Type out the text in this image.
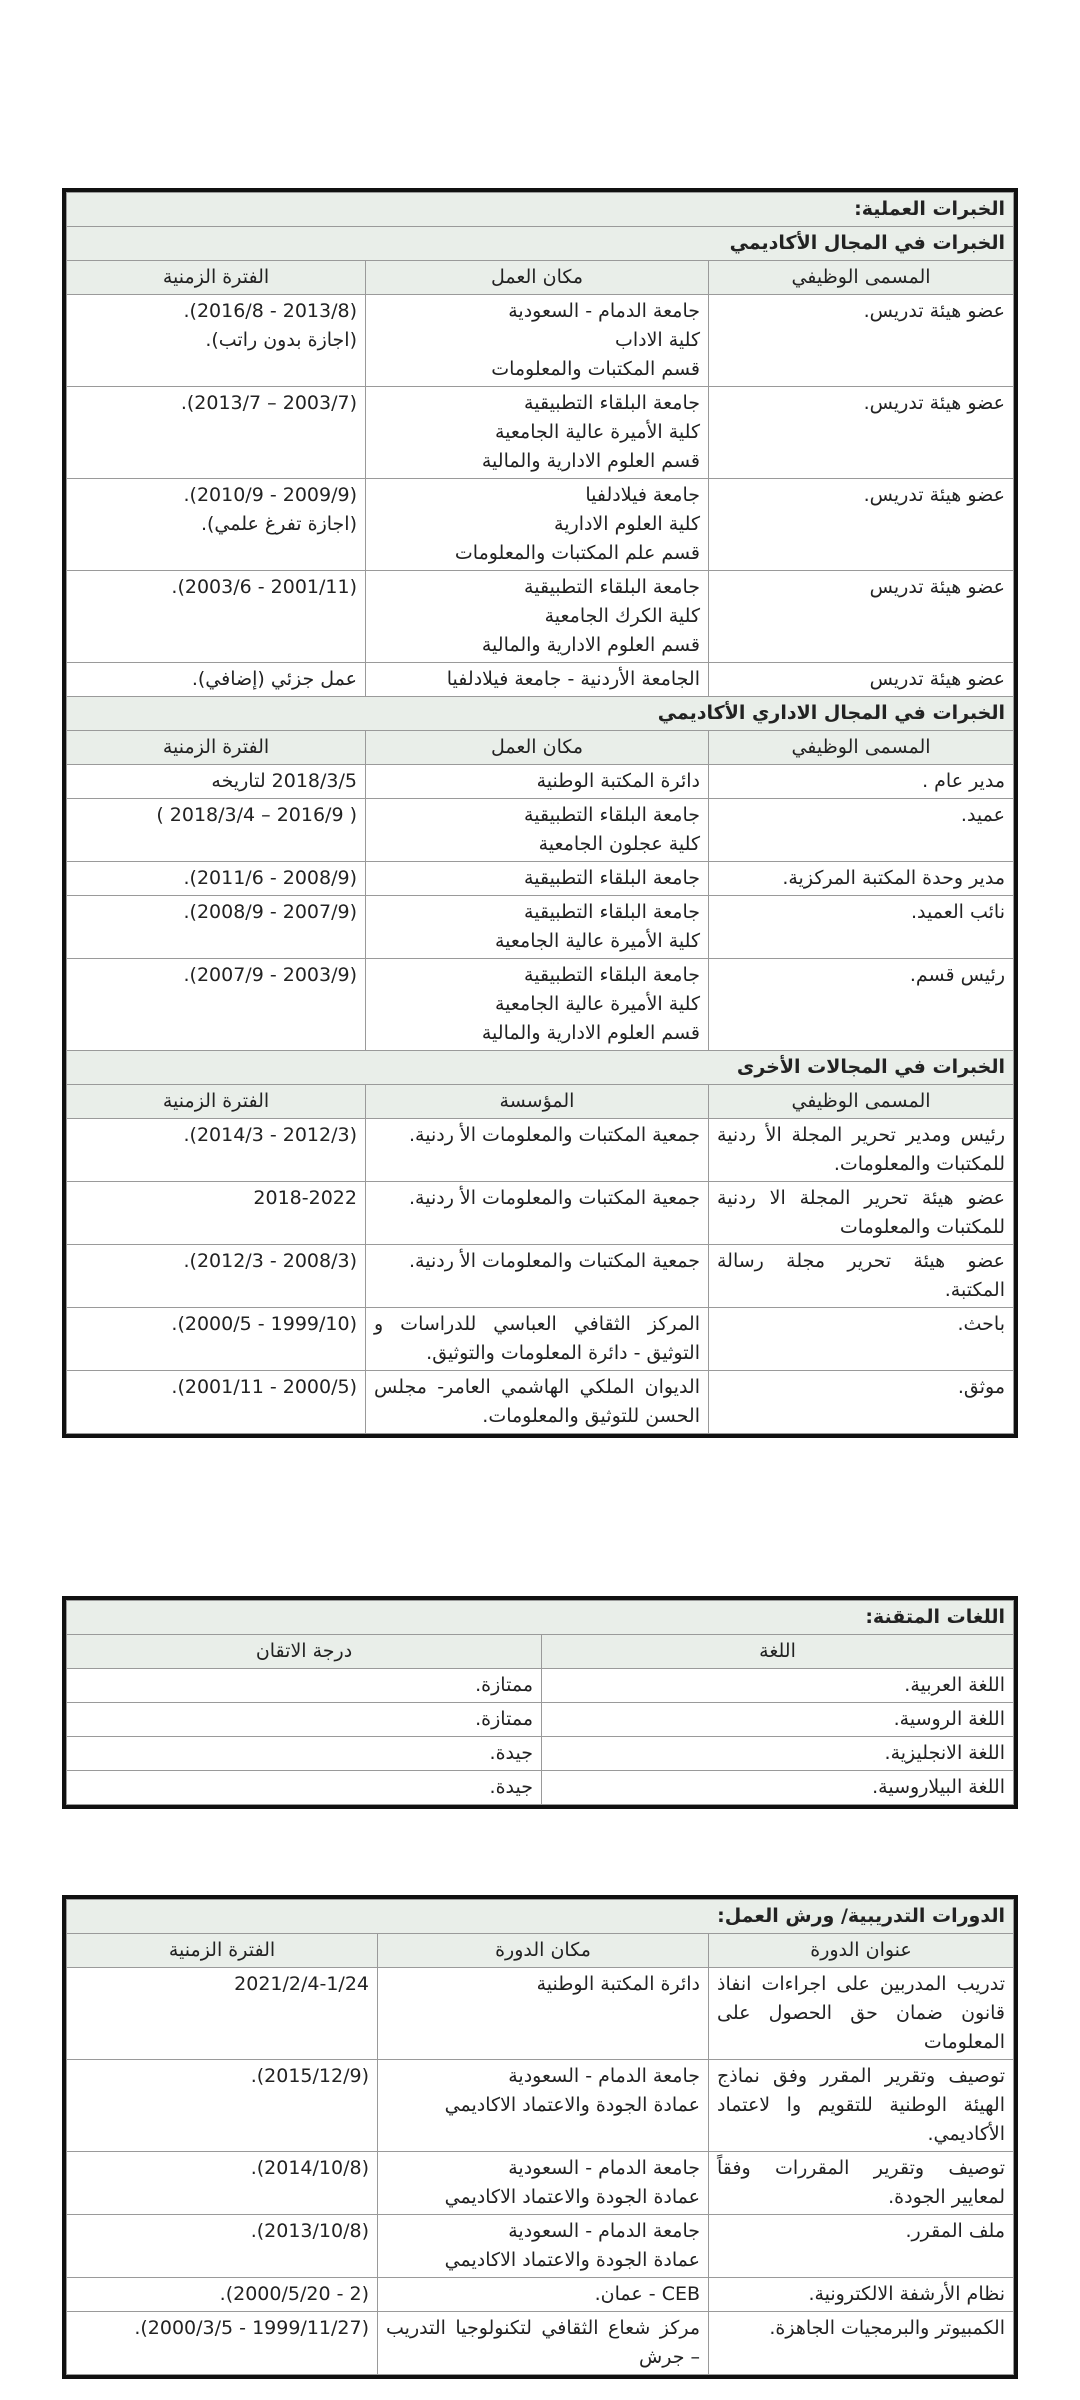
الخبرات العملية:		
الخبرات في المجال الأكاديمي		
المسمى الوظيفي	مكان العمل	الفترة الزمنية
عضو هيئة تدريس.	جامعة الدمام - السعودية
كلية الاداب
قسم المكتبات والمعلومات	(2013/8 - 2016/8).
(اجازة بدون راتب).
عضو هيئة تدريس.	جامعة البلقاء التطبيقية
كلية الأميرة عالية الجامعية
قسم العلوم الادارية والمالية	(2003/7 – 2013/7).
عضو هيئة تدريس.	جامعة فيلادلفيا
كلية العلوم الادارية
قسم علم المكتبات والمعلومات	(2009/9 - 2010/9).
(اجازة تفرغ علمي).
عضو هيئة تدريس	جامعة البلقاء التطبيقية
كلية الكرك الجامعية
قسم العلوم الادارية والمالية	(2001/11 - 2003/6).
عضو هيئة تدريس	الجامعة الأردنية - جامعة فيلادلفيا	عمل جزئي (إضافي).
الخبرات في المجال الاداري الأكاديمي		
المسمى الوظيفي	مكان العمل	الفترة الزمنية
مدير عام .	دائرة المكتبة الوطنية	2018/3/5 لتاريخه
عميد.	جامعة البلقاء التطبيقية
كلية عجلون الجامعية	( 2016/9 – 2018/3/4 )
مدير وحدة المكتبة المركزية.	جامعة البلقاء التطبيقية	(2008/9 - 2011/6).
نائب العميد.	جامعة البلقاء التطبيقية
كلية الأميرة عالية الجامعية	(2007/9 - 2008/9).
رئيس قسم.	جامعة البلقاء التطبيقية
كلية الأميرة عالية الجامعية
قسم العلوم الادارية والمالية	(2003/9 - 2007/9).
الخبرات في المجالات الأخرى		
المسمى الوظيفي	المؤسسة	الفترة الزمنية
رئيس ومدير تحرير المجلة الأ ردنية للمكتبات والمعلومات.	جمعية المكتبات والمعلومات الأ ردنية.	(2012/3 - 2014/3).
عضو هيئة تحرير المجلة الا ردنية للمكتبات والمعلومات	جمعية المكتبات والمعلومات الأ ردنية.	2018-2022
عضو هيئة تحرير مجلة رسالة المكتبة.	جمعية المكتبات والمعلومات الأ ردنية.	(2008/3 - 2012/3).
باحث.	المركز الثقافي العباسي للدراسات و التوثيق - دائرة المعلومات والتوثيق.	(1999/10 - 2000/5).
موثق.	الديوان الملكي الهاشمي العامر- مجلس الحسن للتوثيق والمعلومات.	(2000/5 - 2001/11).
اللغات المتقنة:	
اللغة	درجة الاتقان
اللغة العربية.	ممتازة.
اللغة الروسية.	ممتازة.
اللغة الانجليزية.	جيدة.
اللغة البيلاروسية.	جيدة.
الدورات التدريبية/ ورش العمل:		
عنوان الدورة	مكان الدورة	الفترة الزمنية
تدريب المدربين على اجراءات انفاذ قانون ضمان حق الحصول على المعلومات	دائرة المكتبة الوطنية	2021/2/4-1/24
توصيف وتقرير المقرر وفق نماذج الهيئة الوطنية للتقويم وا لاعتماد الأكاديمي.	جامعة الدمام - السعودية
عمادة الجودة والاعتماد الاكاديمي	(2015/12/9).
توصيف وتقرير المقررات وفقاً لمعايير الجودة.	جامعة الدمام - السعودية
عمادة الجودة والاعتماد الاكاديمي	(2014/10/8).
ملف المقرر.	جامعة الدمام - السعودية
عمادة الجودة والاعتماد الاكاديمي	(2013/10/8).
نظام الأرشفة الالكترونية.	CEB - عمان.	(2 - 2000/5/20).
الكمبيوتر والبرمجيات الجاهزة.	مركز شعاع الثقافي لتكنولوجيا التدريب – جرش	(1999/11/27 - 2000/3/5).
